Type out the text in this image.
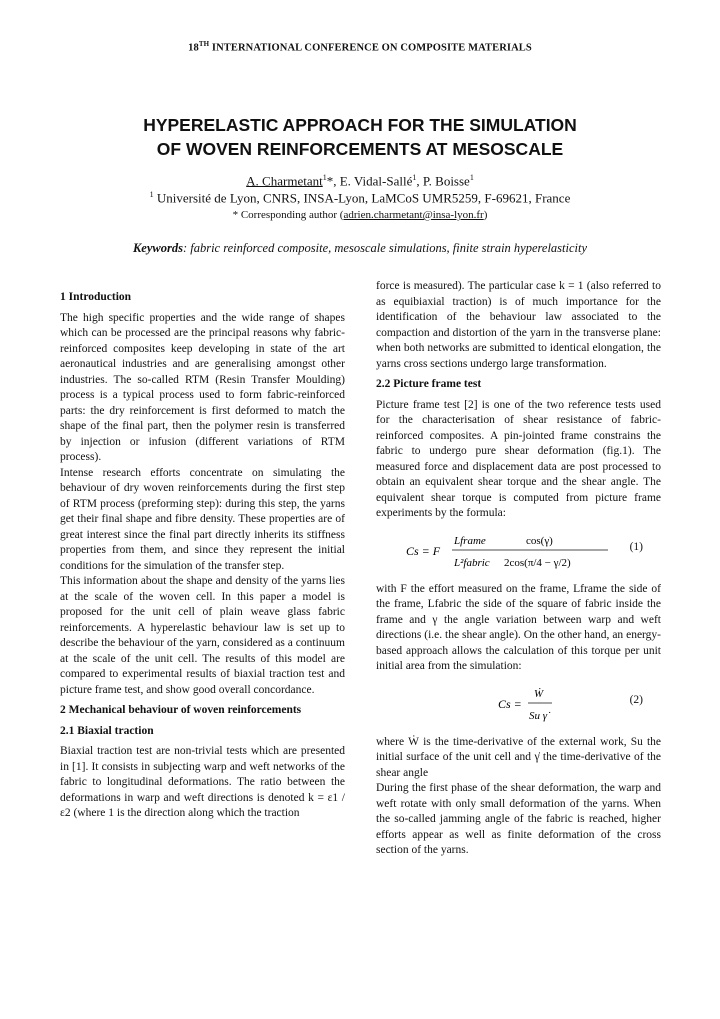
18TH INTERNATIONAL CONFERENCE ON COMPOSITE MATERIALS
HYPERELASTIC APPROACH FOR THE SIMULATION
OF WOVEN REINFORCEMENTS AT MESOSCALE
A. Charmetant$^1$*, E. Vidal-Sallé$^1$, P. Boisse$^1$
$^1$ Université de Lyon, CNRS, INSA-Lyon, LaMCoS UMR5259, F-69621, France
* Corresponding author (adrien.charmetant@insa-lyon.fr)
Keywords: fabric reinforced composite, mesoscale simulations, finite strain hyperelasticity

1 Introduction

The high specific properties and the wide range of shapes which can be processed are the principal reasons why fabric-reinforced composites keep developing in state of the art aeronautical industries and are generalising amongst other industries. The so-called RTM (Resin Transfer Moulding) process is a typical process used to form fabric-reinforced parts: the dry reinforcement is first deformed to match the shape of the final part, then the polymer resin is transferred by injection or infusion (different variations of RTM process).

Intense research efforts concentrate on simulating the behaviour of dry woven reinforcements during the first step of RTM process (preforming step): during this step, the yarns get their final shape and fibre density. These properties are of great interest since the final part directly inherits its stiffness properties from them, and since they represent the initial conditions for the simulation of the transfer step.

This information about the shape and density of the yarns lies at the scale of the woven cell. In this paper a model is proposed for the unit cell of plain weave glass fabric reinforcements. A hyperelastic behaviour law is set up to describe the behaviour of the yarn, considered as a continuum at the scale of the unit cell. The results of this model are compared to experimental results of biaxial traction test and picture frame test, and show good overall concordance.

2 Mechanical behaviour of woven reinforcements

2.1 Biaxial traction

Biaxial traction test are non-trivial tests which are presented in [1]. It consists in subjecting warp and weft networks of the fabric to longitudinal deformations. The ratio between the deformations in warp and weft directions is denoted k = ε1 / ε2 (where 1 is the direction along which the traction

force is measured). The particular case k = 1 (also referred to as equibiaxial traction) is of much importance for the identification of the behaviour law associated to the compaction and distortion of the yarn in the transverse plane: when both networks are submitted to identical elongation, the yarns cross sections undergo large transformation.

2.2 Picture frame test

Picture frame test [2] is one of the two reference tests used for the characterisation of shear resistance of fabric-reinforced composites. A pin-jointed frame constrains the fabric to undergo pure shear deformation (fig.1). The measured force and displacement data are post processed to obtain an equivalent shear torque and the shear angle. The equivalent shear torque is computed from picture frame experiments by the formula:

Cs = F
Lframe	cos(γ)
L²fabric 2cos(π/4 − γ/2)
(1)

with F the effort measured on the frame, Lframe the side of the frame, Lfabric the side of the square of fabric inside the frame and γ the angle variation between warp and weft directions (i.e. the shear angle). On the other hand, an energy-based approach allows the calculation of this torque per unit initial area from the simulation:

Cs =
Ẇ
Su γ̇
(2)

where Ẇ is the time-derivative of the external work, Su the initial surface of the unit cell and γ̇ the time-derivative of the shear angle

During the first phase of the shear deformation, the warp and weft rotate with only small deformation of the yarns. When the so-called jamming angle of the fabric is reached, higher efforts appear as well as finite deformation of the cross section of the yarns.
